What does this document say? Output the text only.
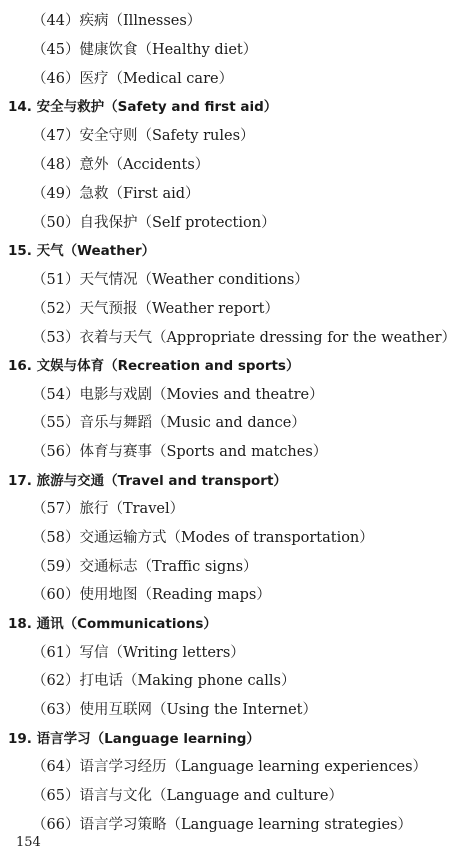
（44）疾病（Illnesses）
（45）健康饮食（Healthy diet）
（46）医疗（Medical care）
14. 安全与救护（Safety and first aid）
（47）安全守则（Safety rules）
（48）意外（Accidents）
（49）急救（First aid）
（50）自我保护（Self protection）
15. 天气（Weather）
（51）天气情况（Weather conditions）
（52）天气预报（Weather report）
（53）衣着与天气（Appropriate dressing for the weather）
16. 文娱与体育（Recreation and sports）
（54）电影与戏剧（Movies and theatre）
（55）音乐与舞蹈（Music and dance）
（56）体育与赛事（Sports and matches）
17. 旅游与交通（Travel and transport）
（57）旅行（Travel）
（58）交通运输方式（Modes of transportation）
（59）交通标志（Traffic signs）
（60）使用地图（Reading maps）
18. 通讯（Communications）
（61）写信（Writing letters）
（62）打电话（Making phone calls）
（63）使用互联网（Using the Internet）
19. 语言学习（Language learning）
（64）语言学习经历（Language learning experiences）
（65）语言与文化（Language and culture）
（66）语言学习策略（Language learning strategies）
154
